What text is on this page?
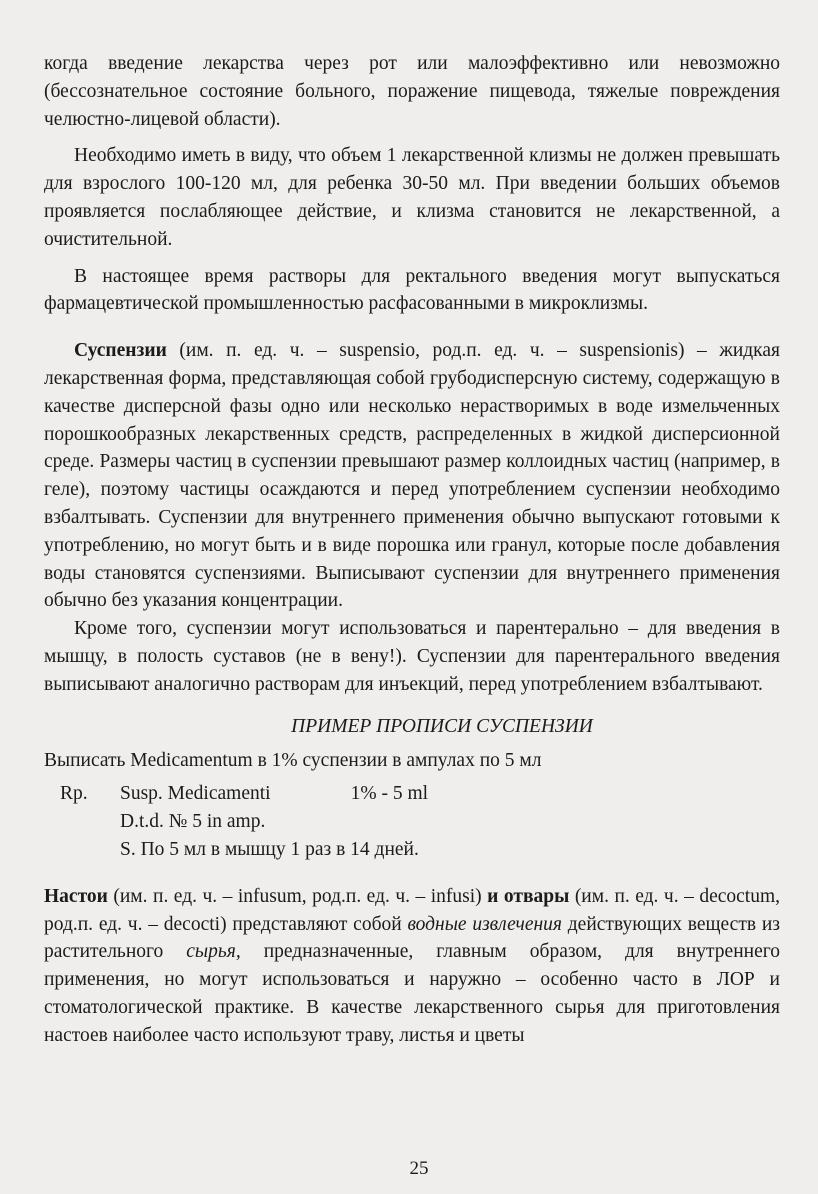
когда введение лекарства через рот или малоэффективно или невозможно (бессознательное состояние больного, поражение пищевода, тяжелые повреждения челюстно-лицевой области).

Необходимо иметь в виду, что объем 1 лекарственной клизмы не должен превышать для взрослого 100-120 мл, для ребенка 30-50 мл. При введении больших объемов проявляется послабляющее действие, и клизма становится не лекарственной, а очистительной.

В настоящее время растворы для ректального введения могут выпускаться фармацевтической промышленностью расфасованными в микроклизмы.

Суспензии (им. п. ед. ч. – suspensio, род.п. ед. ч. – suspensionis) – жидкая лекарственная форма, представляющая собой грубодисперсную систему, содержащую в качестве дисперсной фазы одно или несколько нерастворимых в воде измельченных порошкообразных лекарственных средств, распределенных в жидкой дисперсионной среде. Размеры частиц в суспензии превышают размер коллоидных частиц (например, в геле), поэтому частицы осаждаются и перед употреблением суспензии необходимо взбалтывать. Суспензии для внутреннего применения обычно выпускают готовыми к употреблению, но могут быть и в виде порошка или гранул, которые после добавления воды становятся суспензиями. Выписывают суспензии для внутреннего применения обычно без указания концентрации.

Кроме того, суспензии могут использоваться и парентерально – для введения в мышцу, в полость суставов (не в вену!). Суспензии для парентерального введения выписывают аналогично растворам для инъекций, перед употреблением взбалтывают.

ПРИМЕР ПРОПИСИ СУСПЕНЗИИ
Выписать Medicamentum в 1% суспензии в ампулах по 5 мл
Rp.	Susp. Medicamenti	1% - 5 ml
D.t.d. № 5 in amp.
S. По 5 мл в мышцу 1 раз в 14 дней.

Настои (им. п. ед. ч. – infusum, род.п. ед. ч. – infusi) и отвары (им. п. ед. ч. – decoctum, род.п. ед. ч. – decocti) представляют собой водные извлечения действующих веществ из растительного сырья, предназначенные, главным образом, для внутреннего применения, но могут использоваться и наружно – особенно часто в ЛОР и стоматологической практике. В качестве лекарственного сырья для приготовления настоев наиболее часто используют траву, листья и цветы

25
